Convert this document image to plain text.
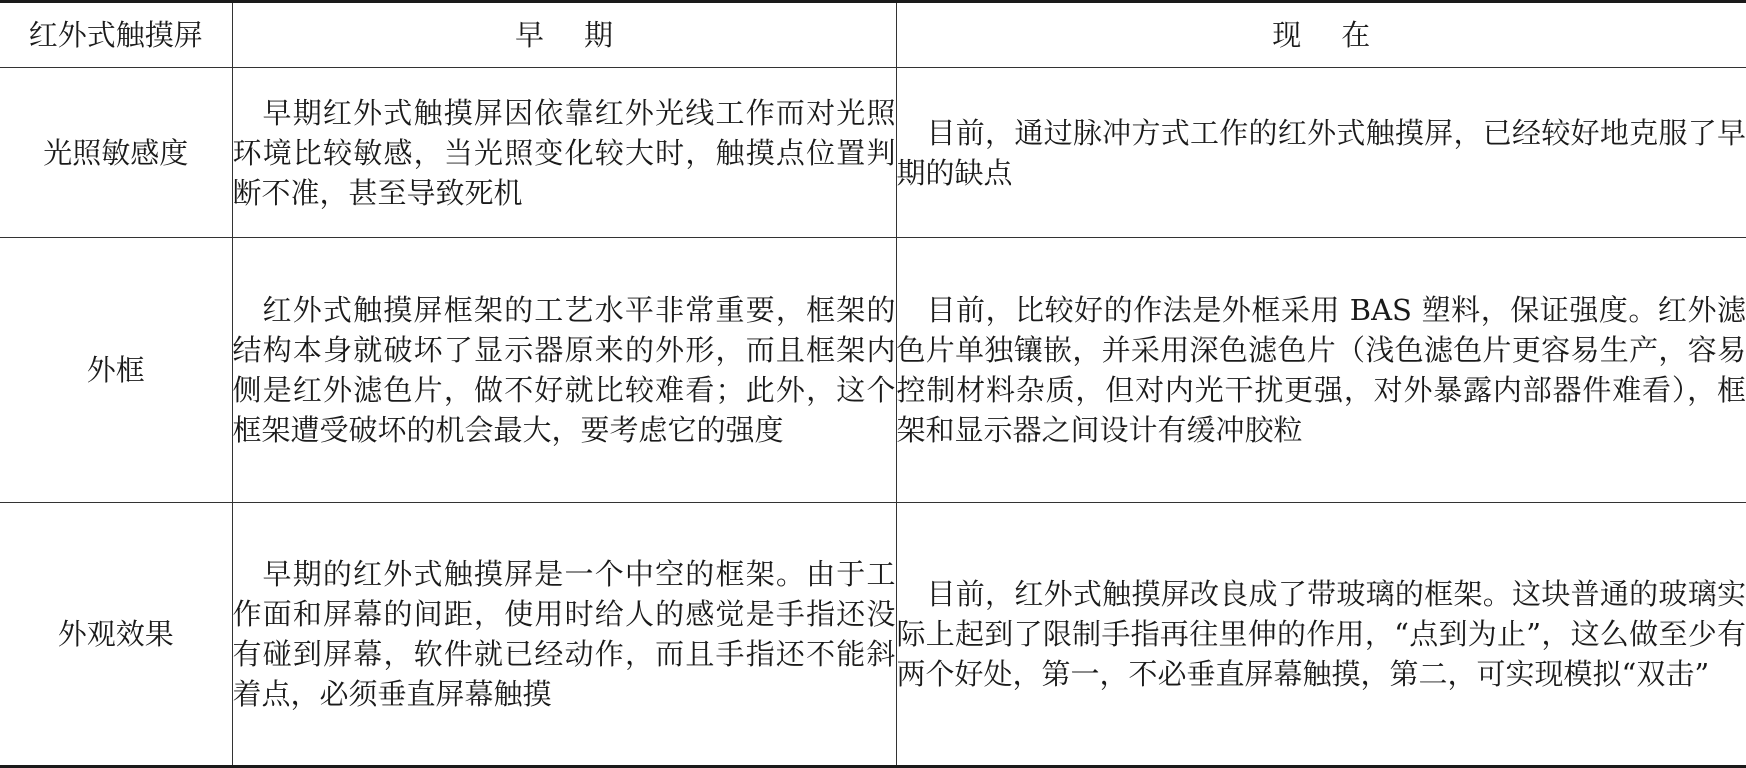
红外式触摸屏	早期	现在
光照敏感度	早期红外式触摸屏因依靠红外光线工作而对光照环境比较敏感，当光照变化较大时，触摸点位置判断不准，甚至导致死机	目前，通过脉冲方式工作的红外式触摸屏，已经较好地克服了早期的缺点

外框	红外式触摸屏框架的工艺水平非常重要，框架的结构本身就破坏了显示器原来的外形，而且框架内侧是红外滤色片，做不好就比较难看；此外，这个框架遭受破坏的机会最大，要考虑它的强度	目前，比较好的作法是外框采用 BAS 塑料，保证强度。红外滤色片单独镶嵌，并采用深色滤色片（浅色滤色片更容易生产，容易控制材料杂质，但对内光干扰更强，对外暴露内部器件难看），框架和显示器之间设计有缓冲胶粒

外观效果	早期的红外式触摸屏是一个中空的框架。由于工作面和屏幕的间距，使用时给人的感觉是手指还没有碰到屏幕，软件就已经动作，而且手指还不能斜着点，必须垂直屏幕触摸	目前，红外式触摸屏改良成了带玻璃的框架。这块普通的玻璃实际上起到了限制手指再往里伸的作用，“点到为止”，这么做至少有两个好处，第一，不必垂直屏幕触摸，第二，可实现模拟“双击”
